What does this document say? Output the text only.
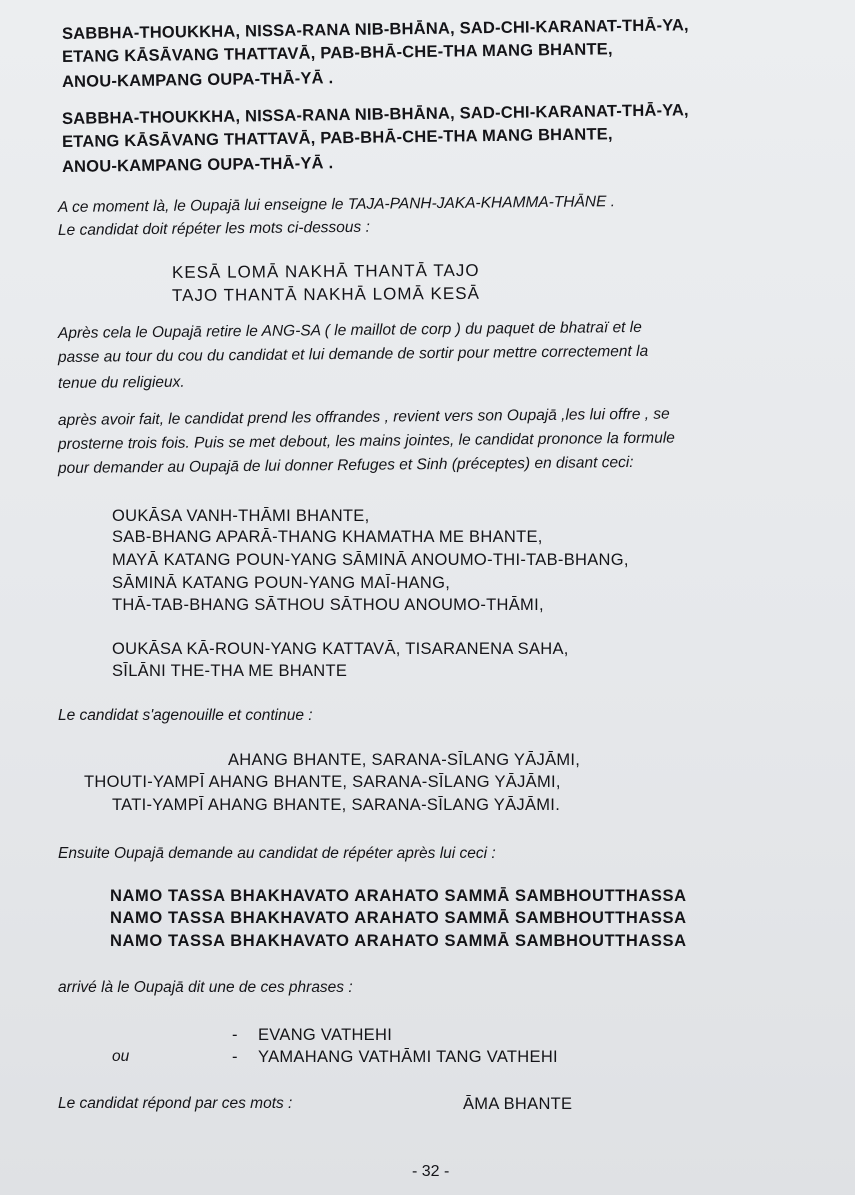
SABBHA-THOUKKHA, NISSA-RANA NIB-BHĀNA, SAD-CHI-KARANAT-THĀ-YA,
ETANG KĀSĀVANG THATTAVĀ, PAB-BHĀ-CHE-THA MANG BHANTE,
ANOU-KAMPANG OUPA-THĀ-YĀ .
SABBHA-THOUKKHA, NISSA-RANA NIB-BHĀNA, SAD-CHI-KARANAT-THĀ-YA,
ETANG KĀSĀVANG THATTAVĀ, PAB-BHĀ-CHE-THA MANG BHANTE,
ANOU-KAMPANG OUPA-THĀ-YĀ .
A ce moment là, le Oupajā lui enseigne le TAJA-PANH-JAKA-KHAMMA-THĀNE .
Le candidat doit répéter les mots ci-dessous :
KESĀ LOMĀ NAKHĀ THANTĀ TAJO
TAJO THANTĀ NAKHĀ LOMĀ KESĀ
Après cela le Oupajā retire le ANG-SA ( le maillot de corp ) du paquet de bhatraï et le
passe au tour du cou du candidat et lui demande de sortir pour mettre correctement la
tenue du religieux.
après avoir fait, le candidat prend les offrandes , revient vers son Oupajā ,les lui offre , se
prosterne trois fois. Puis se met debout, les mains jointes, le candidat prononce la formule
pour demander au Oupajā de lui donner Refuges et Sinh (préceptes) en disant ceci:
OUKĀSA VANH-THĀMI BHANTE,
SAB-BHANG APARĀ-THANG KHAMATHA ME BHANTE,
MAYĀ KATANG POUN-YANG SĀMINĀ ANOUMO-THI-TAB-BHANG,
SĀMINĀ KATANG POUN-YANG MAĪ-HANG,
THĀ-TAB-BHANG SĀTHOU SĀTHOU ANOUMO-THĀMI,
OUKĀSA KĀ-ROUN-YANG KATTAVĀ, TISARANENA SAHA,
SĪLĀNI THE-THA ME BHANTE
Le candidat s'agenouille et continue :
AHANG BHANTE, SARANA-SĪLANG YĀJĀMI,
THOUTI-YAMPĪ AHANG BHANTE, SARANA-SĪLANG YĀJĀMI,
TATI-YAMPĪ AHANG BHANTE, SARANA-SĪLANG YĀJĀMI.
Ensuite Oupajā demande au candidat de répéter après lui ceci :
NAMO TASSA BHAKHAVATO ARAHATO SAMMĀ SAMBHOUTTHASSA
NAMO TASSA BHAKHAVATO ARAHATO SAMMĀ SAMBHOUTTHASSA
NAMO TASSA BHAKHAVATO ARAHATO SAMMĀ SAMBHOUTTHASSA
arrivé là le Oupajā dit une de ces phrases :
- EVANG VATHEHI
ou	- YAMAHANG VATHĀMI TANG VATHEHI
Le candidat répond par ces mots :	ĀMA BHANTE
- 32 -
